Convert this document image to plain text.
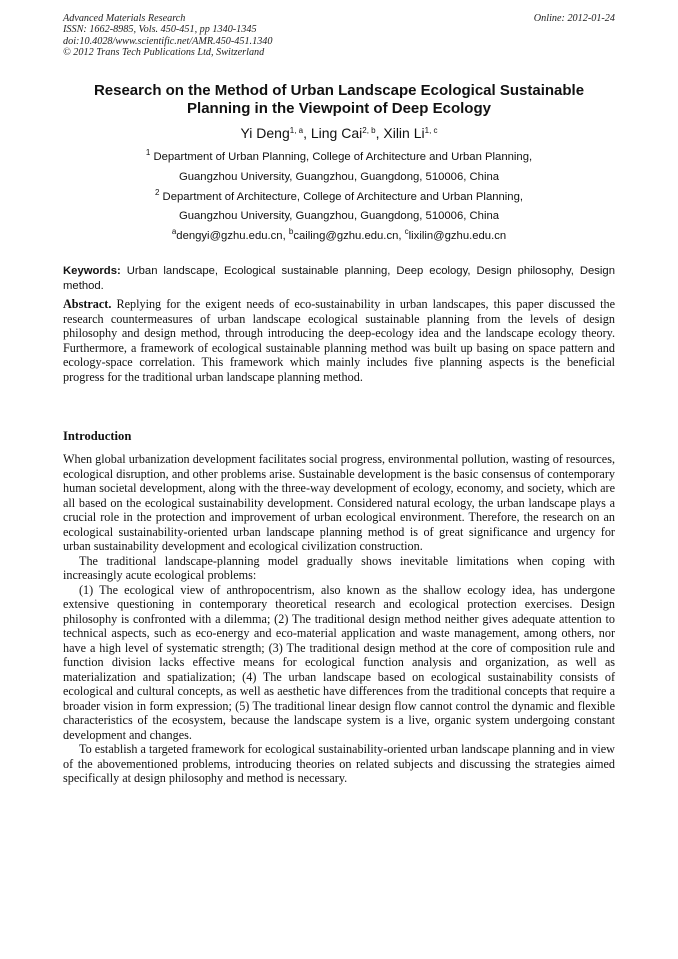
Advanced Materials Research
ISSN: 1662-8985, Vols. 450-451, pp 1340-1345
doi:10.4028/www.scientific.net/AMR.450-451.1340
© 2012 Trans Tech Publications Ltd, Switzerland
Online: 2012-01-24
Research on the Method of Urban Landscape Ecological Sustainable
Planning in the Viewpoint of Deep Ecology
Yi Deng$^{1, a}$, Ling Cai$^{2, b}$, Xilin Li$^{1, c}$

$^1$ Department of Urban Planning, College of Architecture and Urban Planning,

Guangzhou University, Guangzhou, Guangdong, 510006, China

$^2$ Department of Architecture, College of Architecture and Urban Planning,

Guangzhou University, Guangzhou, Guangdong, 510006, China

$^a$dengyi@gzhu.edu.cn, $^b$cailing@gzhu.edu.cn, $^c$lixilin@gzhu.edu.cn

Keywords: Urban landscape, Ecological sustainable planning, Deep ecology, Design philosophy, Design method.

Abstract. Replying for the exigent needs of eco-sustainability in urban landscapes, this paper discussed the research countermeasures of urban landscape ecological sustainable planning from the levels of design philosophy and design method, through introducing the deep-ecology idea and the landscape ecology theory. Furthermore, a framework of ecological sustainable planning method was built up basing on space pattern and ecology-space correlation. This framework which mainly includes five planning aspects is the beneficial progress for the traditional urban landscape planning method.

Introduction

When global urbanization development facilitates social progress, environmental pollution, wasting of resources, ecological disruption, and other problems arise. Sustainable development is the basic consensus of contemporary human societal development, along with the three-way development of ecology, economy, and society, which are all based on the ecological sustainability development. Considered natural ecology, the urban landscape plays a crucial role in the protection and improvement of urban ecological environment. Therefore, the research on an ecological sustainability-oriented urban landscape planning method is of great significance and urgency for urban sustainability development and ecological civilization construction.

The traditional landscape-planning model gradually shows inevitable limitations when coping with increasingly acute ecological problems:

(1) The ecological view of anthropocentrism, also known as the shallow ecology idea, has undergone extensive questioning in contemporary theoretical research and ecological protection exercises. Design philosophy is confronted with a dilemma; (2) The traditional design method neither gives adequate attention to technical aspects, such as eco-energy and eco-material application and waste management, among others, nor have a high level of systematic strength; (3) The traditional design method at the core of composition rule and function division lacks effective means for ecological function analysis and organization, as well as materialization and spatialization; (4) The urban landscape based on ecological sustainability consists of ecological and cultural concepts, as well as aesthetic have differences from the traditional concepts that require a broader vision in form expression; (5) The traditional linear design flow cannot control the dynamic and flexible characteristics of the ecosystem, because the landscape system is a live, organic system undergoing constant development and changes.

To establish a targeted framework for ecological sustainability-oriented urban landscape planning and in view of the abovementioned problems, introducing theories on related subjects and discussing the strategies aimed specifically at design philosophy and method is necessary.
